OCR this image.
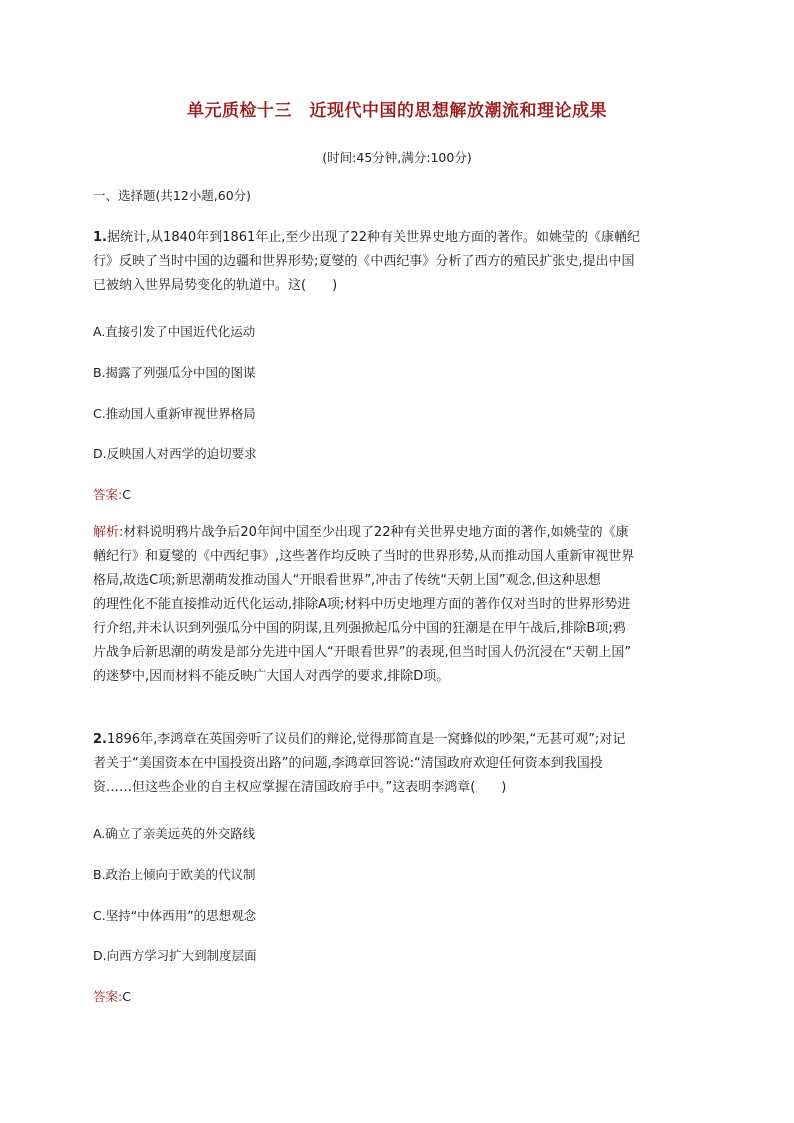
单元质检十三　近现代中国的思想解放潮流和理论成果
(时间:45分钟,满分:100分)
一、选择题(共12小题,60分)
1.据统计,从1840年到1861年止,至少出现了22种有关世界史地方面的著作。如姚莹的《康輶纪
行》反映了当时中国的边疆和世界形势;夏燮的《中西纪事》分析了西方的殖民扩张史,提出中国
已被纳入世界局势变化的轨道中。这(　　)
A.直接引发了中国近代化运动
B.揭露了列强瓜分中国的图谋
C.推动国人重新审视世界格局
D.反映国人对西学的迫切要求
答案:C
解析:材料说明鸦片战争后20年间中国至少出现了22种有关世界史地方面的著作,如姚莹的《康
輶纪行》和夏燮的《中西纪事》,这些著作均反映了当时的世界形势,从而推动国人重新审视世界
格局,故选C项;新思潮萌发推动国人“开眼看世界”,冲击了传统“天朝上国”观念,但这种思想
的理性化不能直接推动近代化运动,排除A项;材料中历史地理方面的著作仅对当时的世界形势进
行介绍,并未认识到列强瓜分中国的阴谋,且列强掀起瓜分中国的狂潮是在甲午战后,排除B项;鸦
片战争后新思潮的萌发是部分先进中国人“开眼看世界”的表现,但当时国人仍沉浸在“天朝上国”
的迷梦中,因而材料不能反映广大国人对西学的要求,排除D项。
2.1896年,李鸿章在英国旁听了议员们的辩论,觉得那简直是一窝蜂似的吵架,“无甚可观”;对记
者关于“美国资本在中国投资出路”的问题,李鸿章回答说:“清国政府欢迎任何资本到我国投
资……但这些企业的自主权应掌握在清国政府手中。”这表明李鸿章(　　)
A.确立了亲美远英的外交路线
B.政治上倾向于欧美的代议制
C.坚持“中体西用”的思想观念
D.向西方学习扩大到制度层面
答案:C
